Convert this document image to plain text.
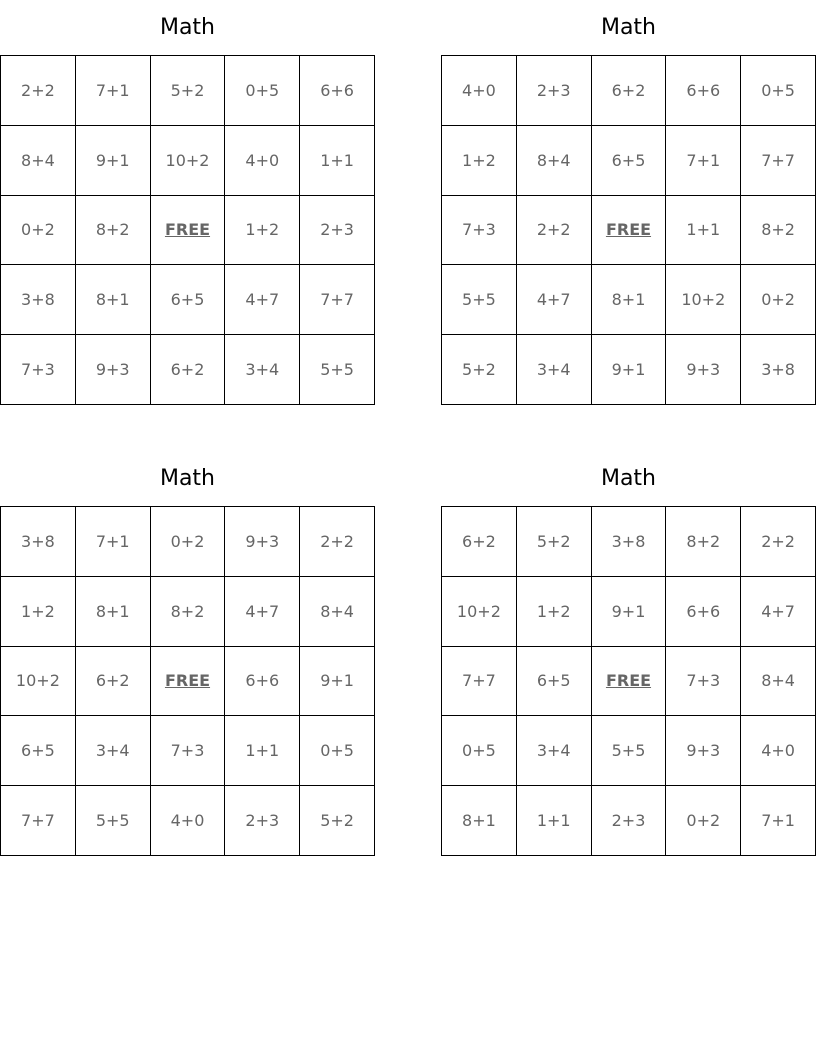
Math
2+2	7+1	5+2	0+5	6+6
8+4	9+1	10+2	4+0	1+1
0+2	8+2	FREE	1+2	2+3
3+8	8+1	6+5	4+7	7+7
7+3	9+3	6+2	3+4	5+5
Math
4+0	2+3	6+2	6+6	0+5
1+2	8+4	6+5	7+1	7+7
7+3	2+2	FREE	1+1	8+2
5+5	4+7	8+1	10+2	0+2
5+2	3+4	9+1	9+3	3+8
Math
3+8	7+1	0+2	9+3	2+2
1+2	8+1	8+2	4+7	8+4
10+2	6+2	FREE	6+6	9+1
6+5	3+4	7+3	1+1	0+5
7+7	5+5	4+0	2+3	5+2
Math
6+2	5+2	3+8	8+2	2+2
10+2	1+2	9+1	6+6	4+7
7+7	6+5	FREE	7+3	8+4
0+5	3+4	5+5	9+3	4+0
8+1	1+1	2+3	0+2	7+1
